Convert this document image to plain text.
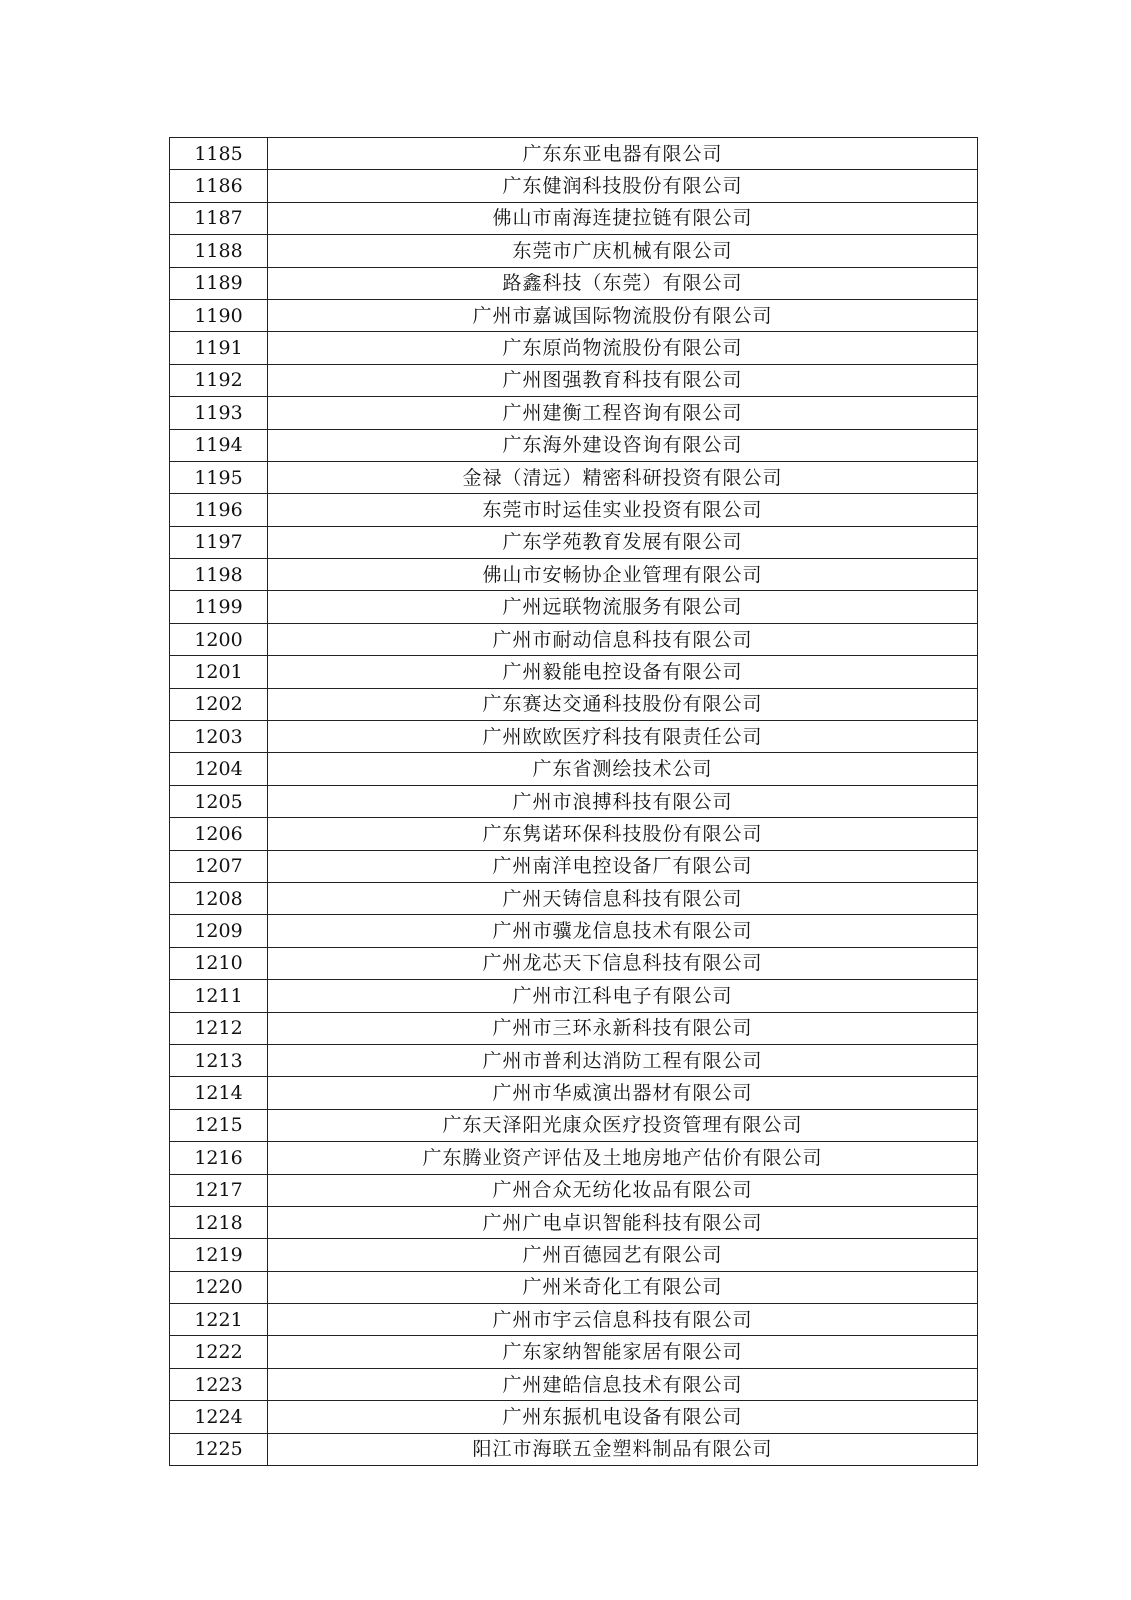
1185	广东东亚电器有限公司
1186	广东健润科技股份有限公司
1187	佛山市南海连捷拉链有限公司
1188	东莞市广庆机械有限公司
1189	路鑫科技（东莞）有限公司
1190	广州市嘉诚国际物流股份有限公司
1191	广东原尚物流股份有限公司
1192	广州图强教育科技有限公司
1193	广州建衡工程咨询有限公司
1194	广东海外建设咨询有限公司
1195	金禄（清远）精密科研投资有限公司
1196	东莞市时运佳实业投资有限公司
1197	广东学苑教育发展有限公司
1198	佛山市安畅协企业管理有限公司
1199	广州远联物流服务有限公司
1200	广州市耐动信息科技有限公司
1201	广州毅能电控设备有限公司
1202	广东赛达交通科技股份有限公司
1203	广州欧欧医疗科技有限责任公司
1204	广东省测绘技术公司
1205	广州市浪搏科技有限公司
1206	广东隽诺环保科技股份有限公司
1207	广州南洋电控设备厂有限公司
1208	广州天铸信息科技有限公司
1209	广州市骥龙信息技术有限公司
1210	广州龙芯天下信息科技有限公司
1211	广州市江科电子有限公司
1212	广州市三环永新科技有限公司
1213	广州市普利达消防工程有限公司
1214	广州市华威演出器材有限公司
1215	广东天泽阳光康众医疗投资管理有限公司
1216	广东腾业资产评估及土地房地产估价有限公司
1217	广州合众无纺化妆品有限公司
1218	广州广电卓识智能科技有限公司
1219	广州百德园艺有限公司
1220	广州米奇化工有限公司
1221	广州市宇云信息科技有限公司
1222	广东家纳智能家居有限公司
1223	广州建皓信息技术有限公司
1224	广州东振机电设备有限公司
1225	阳江市海联五金塑料制品有限公司
